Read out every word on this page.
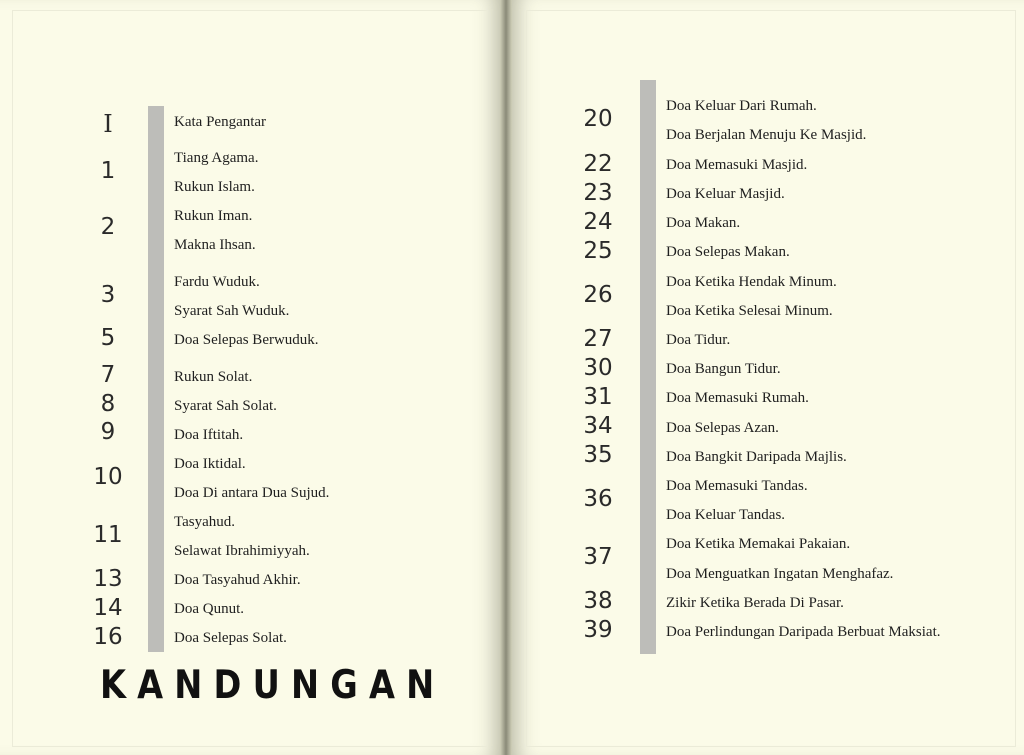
I
1
2
3
5
7
8
9
10
11
13
14
16
Kata Pengantar
Tiang Agama.
Rukun Islam.
Rukun Iman.
Makna Ihsan.
Fardu Wuduk.
Syarat Sah Wuduk.
Doa Selepas Berwuduk.
Rukun Solat.
Syarat Sah Solat.
Doa Iftitah.
Doa Iktidal.
Doa Di antara Dua Sujud.
Tasyahud.
Selawat Ibrahimiyyah.
Doa Tasyahud Akhir.
Doa Qunut.
Doa Selepas Solat.
KANDUNGAN
20
22
23
24
25
26
27
30
31
34
35
36
37
38
39
Doa Keluar Dari Rumah.
Doa Berjalan Menuju Ke Masjid.
Doa Memasuki Masjid.
Doa Keluar Masjid.
Doa Makan.
Doa Selepas Makan.
Doa Ketika Hendak Minum.
Doa Ketika Selesai Minum.
Doa Tidur.
Doa Bangun Tidur.
Doa Memasuki Rumah.
Doa Selepas Azan.
Doa Bangkit Daripada Majlis.
Doa Memasuki Tandas.
Doa Keluar Tandas.
Doa Ketika Memakai Pakaian.
Doa Menguatkan Ingatan Menghafaz.
Zikir Ketika Berada Di Pasar.
Doa Perlindungan Daripada Berbuat Maksiat.
